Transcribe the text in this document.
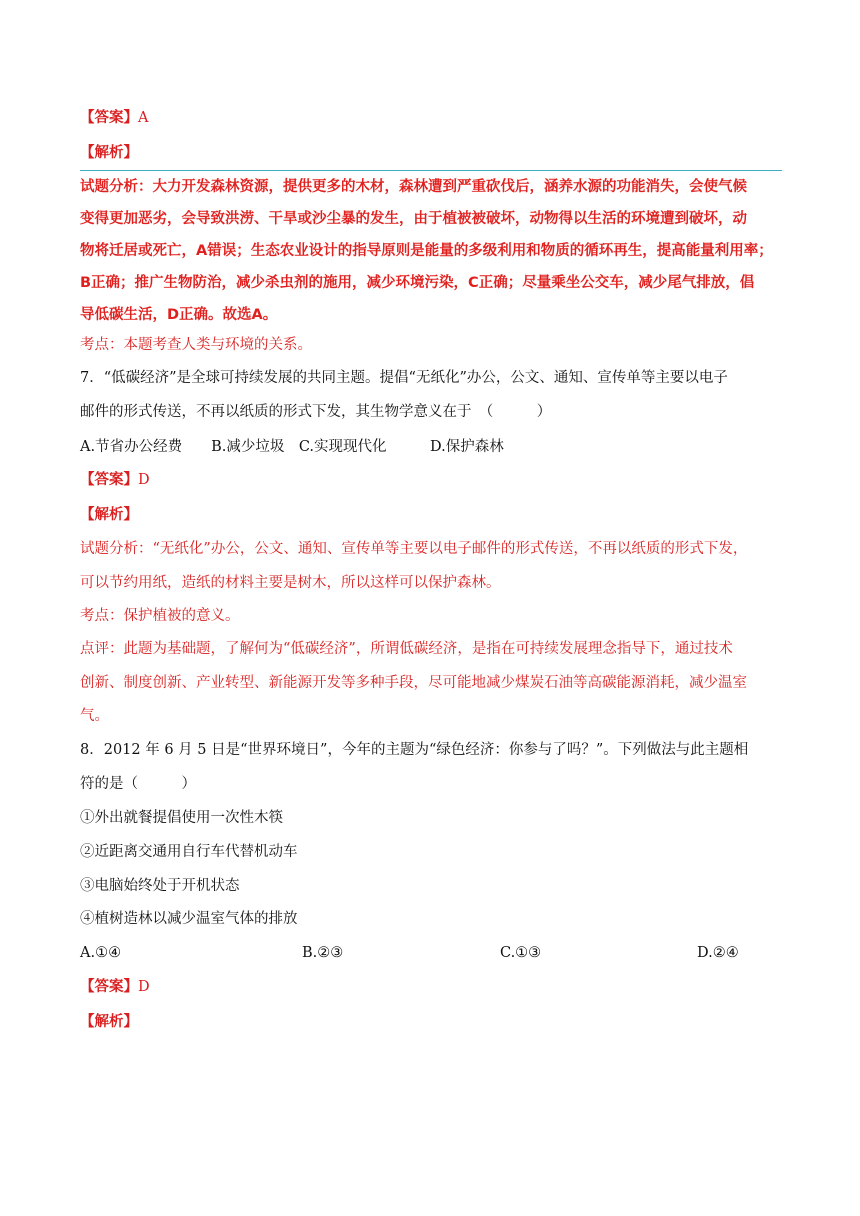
【答案】A
【解析】
试题分析：大力开发森林资源，提供更多的木材，森林遭到严重砍伐后，涵养水源的功能消失，会使气候
变得更加恶劣，会导致洪涝、干旱或沙尘暴的发生，由于植被被破坏，动物得以生活的环境遭到破坏，动
物将迁居或死亡，A错误；生态农业设计的指导原则是能量的多级利用和物质的循环再生，提高能量利用率；
B正确；推广生物防治，减少杀虫剂的施用，减少环境污染，C正确；尽量乘坐公交车，减少尾气排放，倡
导低碳生活，D正确。故选A。
考点：本题考查人类与环境的关系。
7．“低碳经济”是全球可持续发展的共同主题。提倡“无纸化”办公，公文、通知、宣传单等主要以电子
邮件的形式传送，不再以纸质的形式下发，其生物学意义在于　（　　　）
A.节省办公经费　　B.减少垃圾　C.实现现代化　　　D.保护森林
【答案】D
【解析】
试题分析：“无纸化”办公，公文、通知、宣传单等主要以电子邮件的形式传送，不再以纸质的形式下发，
可以节约用纸，造纸的材料主要是树木，所以这样可以保护森林。
考点：保护植被的意义。
点评：此题为基础题，了解何为“低碳经济”，所谓低碳经济，是指在可持续发展理念指导下，通过技术
创新、制度创新、产业转型、新能源开发等多种手段，尽可能地减少煤炭石油等高碳能源消耗，减少温室
气。
8．2012 年 6 月 5 日是“世界环境日”，今年的主题为“绿色经济：你参与了吗？”。下列做法与此主题相
符的是（　　　）
①外出就餐提倡使用一次性木筷
②近距离交通用自行车代替机动车
③电脑始终处于开机状态
④植树造林以减少温室气体的排放
A.①④	B.②③	C.①③	D.②④
【答案】D
【解析】
